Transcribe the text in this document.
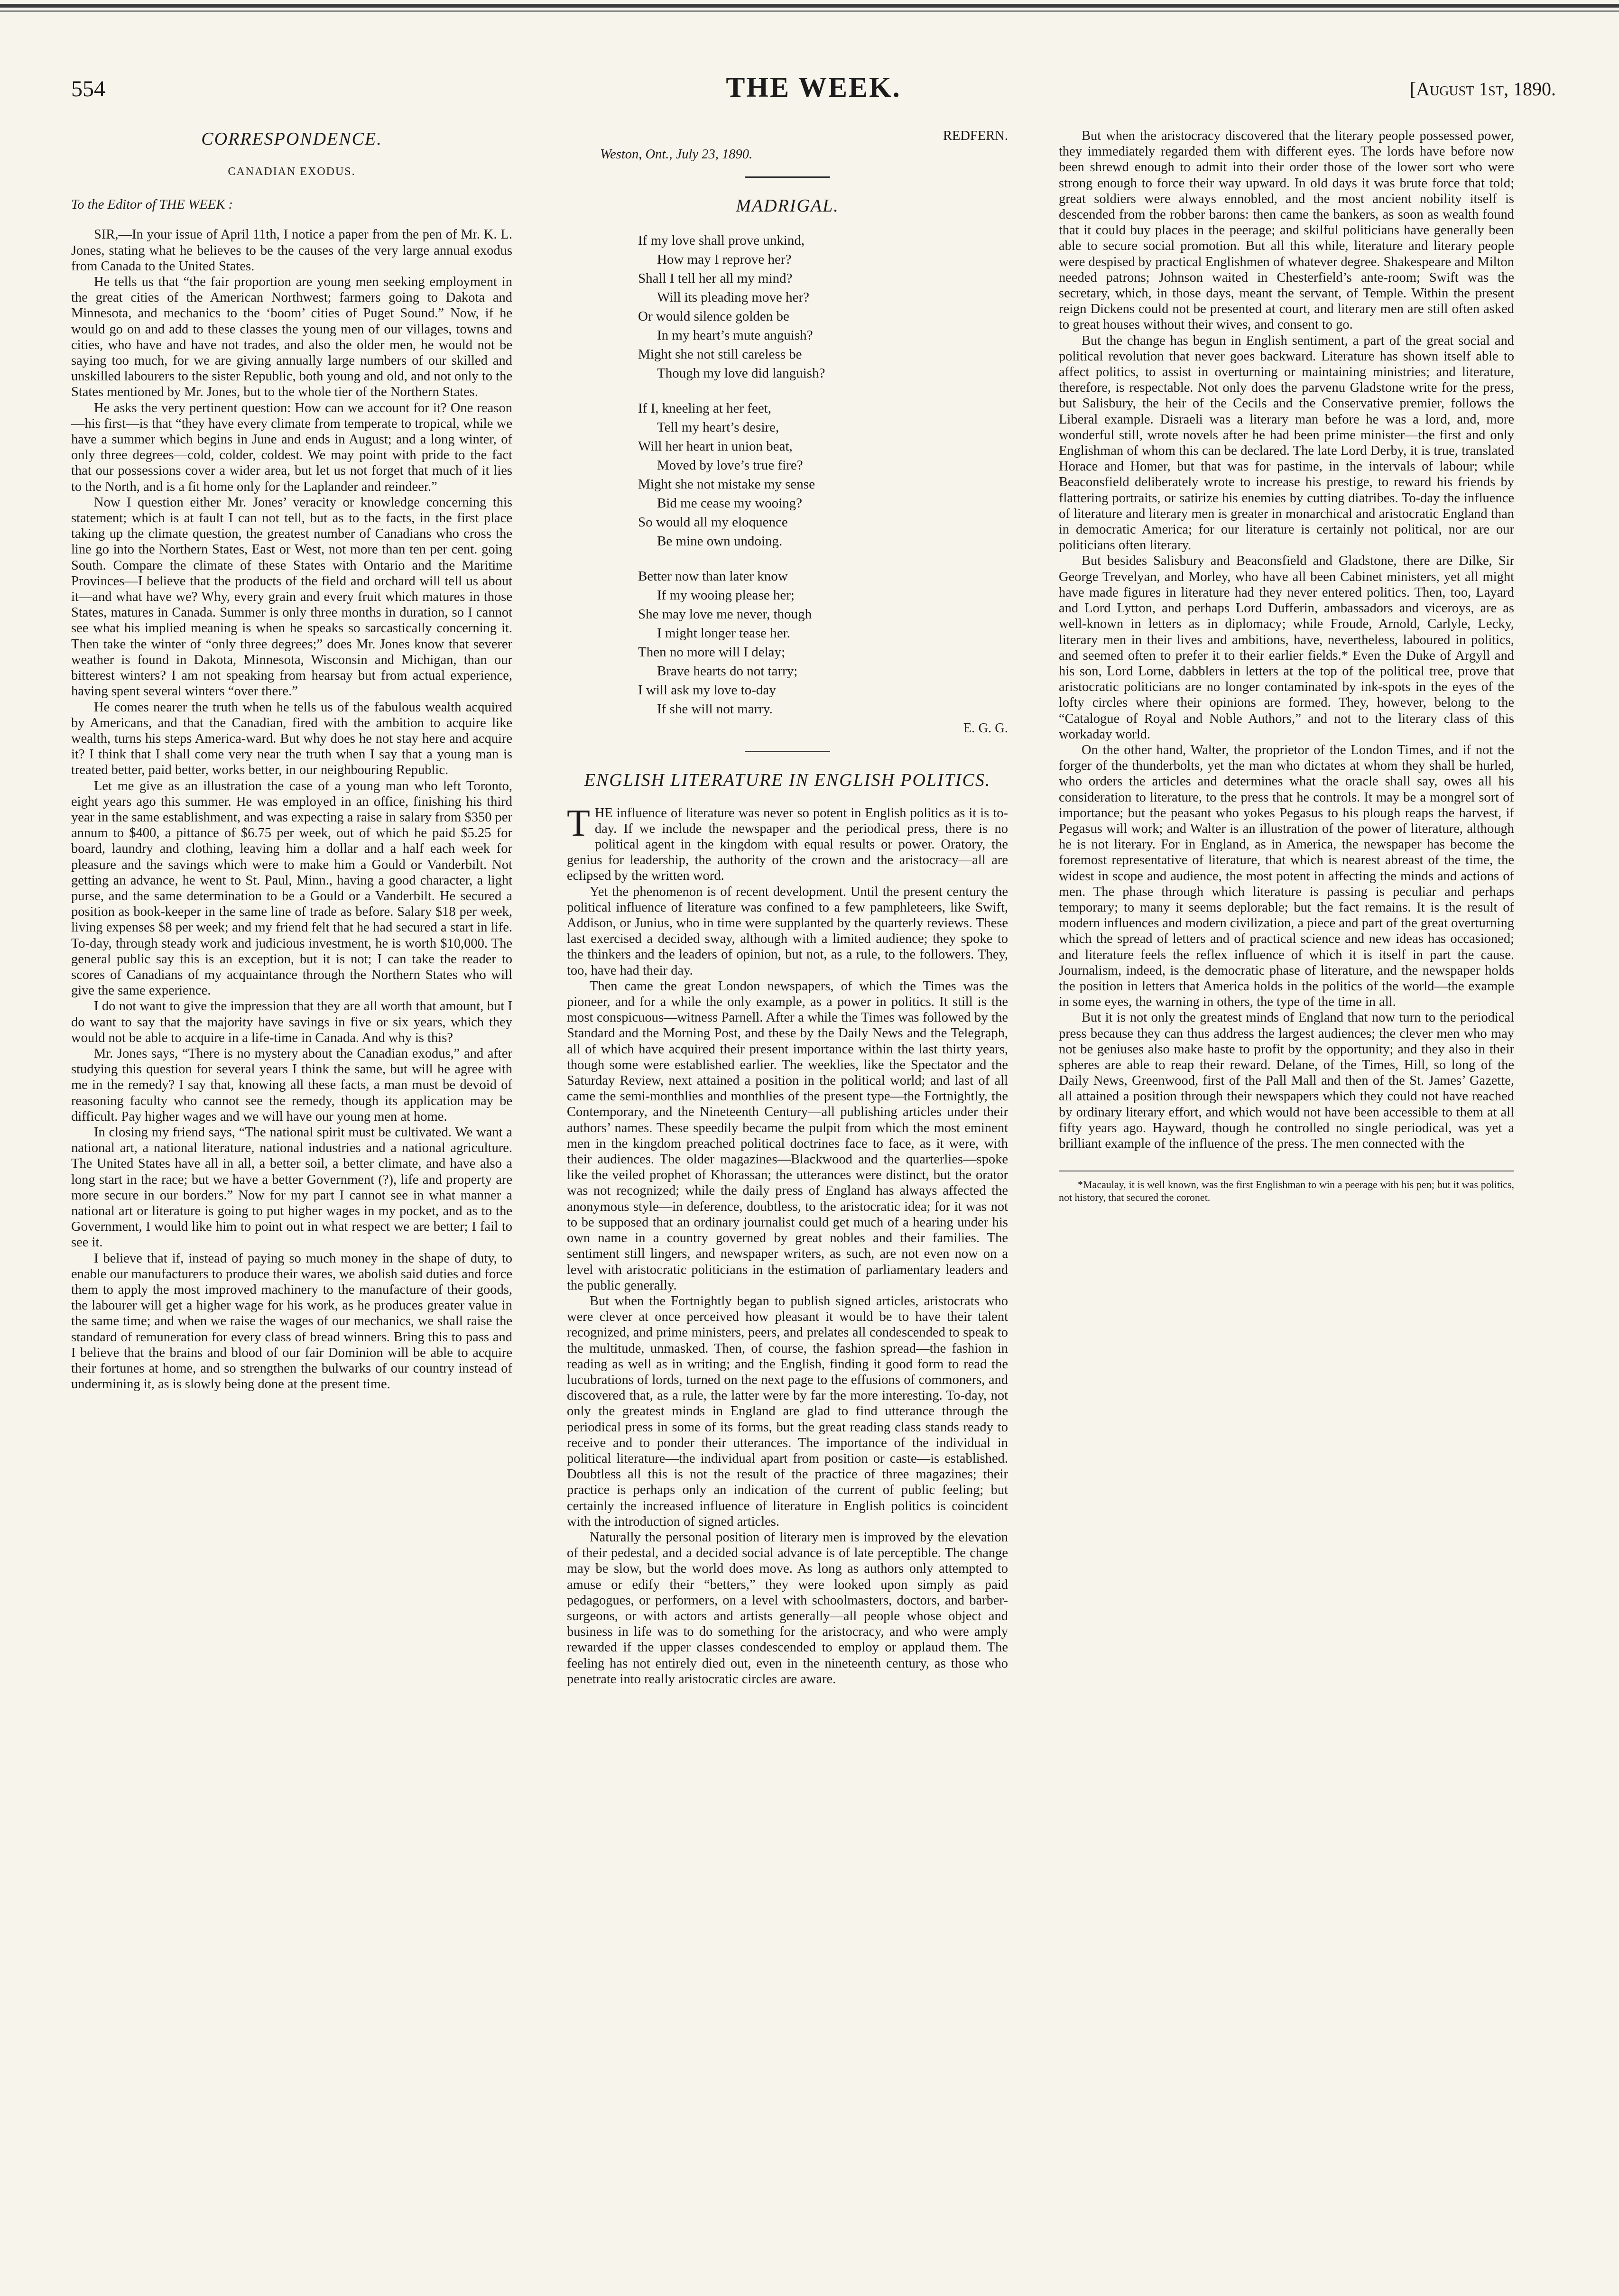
554	THE WEEK.	[August 1st, 1890.
CORRESPONDENCE.
CANADIAN EXODUS.

To the Editor of THE WEEK :

SIR,—In your issue of April 11th, I notice a paper from the pen of Mr. K. L. Jones, stating what he believes to be the causes of the very large annual exodus from Canada to the United States.

He tells us that “the fair proportion are young men seeking employment in the great cities of the American Northwest; farmers going to Dakota and Minnesota, and mechanics to the ‘boom’ cities of Puget Sound.” Now, if he would go on and add to these classes the young men of our villages, towns and cities, who have and have not trades, and also the older men, he would not be saying too much, for we are giving annually large numbers of our skilled and unskilled labourers to the sister Republic, both young and old, and not only to the States mentioned by Mr. Jones, but to the whole tier of the Northern States.

He asks the very pertinent question: How can we account for it? One reason—his first—is that “they have every climate from temperate to tropical, while we have a summer which begins in June and ends in August; and a long winter, of only three degrees—cold, colder, coldest. We may point with pride to the fact that our possessions cover a wider area, but let us not forget that much of it lies to the North, and is a fit home only for the Laplander and reindeer.”

Now I question either Mr. Jones’ veracity or knowledge concerning this statement; which is at fault I can not tell, but as to the facts, in the first place taking up the climate question, the greatest number of Canadians who cross the line go into the Northern States, East or West, not more than ten per cent. going South. Compare the climate of these States with Ontario and the Maritime Provinces—I believe that the products of the field and orchard will tell us about it—and what have we? Why, every grain and every fruit which matures in those States, matures in Canada. Summer is only three months in duration, so I cannot see what his implied meaning is when he speaks so sarcastically concerning it. Then take the winter of “only three degrees;” does Mr. Jones know that severer weather is found in Dakota, Minnesota, Wisconsin and Michigan, than our bitterest winters? I am not speaking from hearsay but from actual experience, having spent several winters “over there.”

He comes nearer the truth when he tells us of the fabulous wealth acquired by Americans, and that the Canadian, fired with the ambition to acquire like wealth, turns his steps America-ward. But why does he not stay here and acquire it? I think that I shall come very near the truth when I say that a young man is treated better, paid better, works better, in our neighbouring Republic.

Let me give as an illustration the case of a young man who left Toronto, eight years ago this summer. He was employed in an office, finishing his third year in the same establishment, and was expecting a raise in salary from $350 per annum to $400, a pittance of $6.75 per week, out of which he paid $5.25 for board, laundry and clothing, leaving him a dollar and a half each week for pleasure and the savings which were to make him a Gould or Vanderbilt. Not getting an advance, he went to St. Paul, Minn., having a good character, a light purse, and the same determination to be a Gould or a Vanderbilt. He secured a position as book-keeper in the same line of trade as before. Salary $18 per week, living expenses $8 per week; and my friend felt that he had secured a start in life. To-day, through steady work and judicious investment, he is worth $10,000. The general public say this is an exception, but it is not; I can take the reader to scores of Canadians of my acquaintance through the Northern States who will give the same experience.

I do not want to give the impression that they are all worth that amount, but I do want to say that the majority have savings in five or six years, which they would not be able to acquire in a life-time in Canada. And why is this?

Mr. Jones says, “There is no mystery about the Canadian exodus,” and after studying this question for several years I think the same, but will he agree with me in the remedy? I say that, knowing all these facts, a man must be devoid of reasoning faculty who cannot see the remedy, though its application may be difficult. Pay higher wages and we will have our young men at home.

In closing my friend says, “The national spirit must be cultivated. We want a national art, a national literature, national industries and a national agriculture. The United States have all in all, a better soil, a better climate, and have also a long start in the race; but we have a better Government (?), life and property are more secure in our borders.” Now for my part I cannot see in what manner a national art or literature is going to put higher wages in my pocket, and as to the Government, I would like him to point out in what respect we are better; I fail to see it.

I believe that if, instead of paying so much money in the shape of duty, to enable our manufacturers to produce their wares, we abolish said duties and force them to apply the most improved machinery to the manufacture of their goods, the labourer will get a higher wage for his work, as he produces greater value in the same time; and when we raise the wages of our mechanics, we shall raise the standard of remuneration for every class of bread winners. Bring this to pass and I believe that the brains and blood of our fair Dominion will be able to acquire their fortunes at home, and so strengthen the bulwarks of our country instead of undermining it, as is slowly being done at the present time.

REDFERN.

Weston, Ont., July 23, 1890.

MADRIGAL.
If my love shall prove unkind,
How may I reprove her?
Shall I tell her all my mind?
Will its pleading move her?
Or would silence golden be
In my heart’s mute anguish?
Might she not still careless be
Though my love did languish?
If I, kneeling at her feet,
Tell my heart’s desire,
Will her heart in union beat,
Moved by love’s true fire?
Might she not mistake my sense
Bid me cease my wooing?
So would all my eloquence
Be mine own undoing.
Better now than later know
If my wooing please her;
She may love me never, though
I might longer tease her.
Then no more will I delay;
Brave hearts do not tarry;
I will ask my love to-day
If she will not marry.
E. G. G.
ENGLISH LITERATURE IN ENGLISH POLITICS.

THE influence of literature was never so potent in English politics as it is to-day. If we include the newspaper and the periodical press, there is no political agent in the kingdom with equal results or power. Oratory, the genius for leadership, the authority of the crown and the aristocracy—all are eclipsed by the written word.

Yet the phenomenon is of recent development. Until the present century the political influence of literature was confined to a few pamphleteers, like Swift, Addison, or Junius, who in time were supplanted by the quarterly reviews. These last exercised a decided sway, although with a limited audience; they spoke to the thinkers and the leaders of opinion, but not, as a rule, to the followers. They, too, have had their day.

Then came the great London newspapers, of which the Times was the pioneer, and for a while the only example, as a power in politics. It still is the most conspicuous—witness Parnell. After a while the Times was followed by the Standard and the Morning Post, and these by the Daily News and the Telegraph, all of which have acquired their present importance within the last thirty years, though some were established earlier. The weeklies, like the Spectator and the Saturday Review, next attained a position in the political world; and last of all came the semi-monthlies and monthlies of the present type—the Fortnightly, the Contemporary, and the Nineteenth Century—all publishing articles under their authors’ names. These speedily became the pulpit from which the most eminent men in the kingdom preached political doctrines face to face, as it were, with their audiences. The older magazines—Blackwood and the quarterlies—spoke like the veiled prophet of Khorassan; the utterances were distinct, but the orator was not recognized; while the daily press of England has always affected the anonymous style—in deference, doubtless, to the aristocratic idea; for it was not to be supposed that an ordinary journalist could get much of a hearing under his own name in a country governed by great nobles and their families. The sentiment still lingers, and newspaper writers, as such, are not even now on a level with aristocratic politicians in the estimation of parliamentary leaders and the public generally.

But when the Fortnightly began to publish signed articles, aristocrats who were clever at once perceived how pleasant it would be to have their talent recognized, and prime ministers, peers, and prelates all condescended to speak to the multitude, unmasked. Then, of course, the fashion spread—the fashion in reading as well as in writing; and the English, finding it good form to read the lucubrations of lords, turned on the next page to the effusions of commoners, and discovered that, as a rule, the latter were by far the more interesting. To-day, not only the greatest minds in England are glad to find utterance through the periodical press in some of its forms, but the great reading class stands ready to receive and to ponder their utterances. The importance of the individual in political literature—the individual apart from position or caste—is established. Doubtless all this is not the result of the practice of three magazines; their practice is perhaps only an indication of the current of public feeling; but certainly the increased influence of literature in English politics is coincident with the introduction of signed articles.

Naturally the personal position of literary men is improved by the elevation of their pedestal, and a decided social advance is of late perceptible. The change may be slow, but the world does move. As long as authors only attempted to amuse or edify their “betters,” they were looked upon simply as paid pedagogues, or performers, on a level with schoolmasters, doctors, and barber-surgeons, or with actors and artists generally—all people whose object and business in life was to do something for the aristocracy, and who were amply rewarded if the upper classes condescended to employ or applaud them. The feeling has not entirely died out, even in the nineteenth century, as those who penetrate into really aristocratic circles are aware.

But when the aristocracy discovered that the literary people possessed power, they immediately regarded them with different eyes. The lords have before now been shrewd enough to admit into their order those of the lower sort who were strong enough to force their way upward. In old days it was brute force that told; great soldiers were always ennobled, and the most ancient nobility itself is descended from the robber barons: then came the bankers, as soon as wealth found that it could buy places in the peerage; and skilful politicians have generally been able to secure social promotion. But all this while, literature and literary people were despised by practical Englishmen of whatever degree. Shakespeare and Milton needed patrons; Johnson waited in Chesterfield’s ante-room; Swift was the secretary, which, in those days, meant the servant, of Temple. Within the present reign Dickens could not be presented at court, and literary men are still often asked to great houses without their wives, and consent to go.

But the change has begun in English sentiment, a part of the great social and political revolution that never goes backward. Literature has shown itself able to affect politics, to assist in overturning or maintaining ministries; and literature, therefore, is respectable. Not only does the parvenu Gladstone write for the press, but Salisbury, the heir of the Cecils and the Conservative premier, follows the Liberal example. Disraeli was a literary man before he was a lord, and, more wonderful still, wrote novels after he had been prime minister—the first and only Englishman of whom this can be declared. The late Lord Derby, it is true, translated Horace and Homer, but that was for pastime, in the intervals of labour; while Beaconsfield deliberately wrote to increase his prestige, to reward his friends by flattering portraits, or satirize his enemies by cutting diatribes. To-day the influence of literature and literary men is greater in monarchical and aristocratic England than in democratic America; for our literature is certainly not political, nor are our politicians often literary.

But besides Salisbury and Beaconsfield and Gladstone, there are Dilke, Sir George Trevelyan, and Morley, who have all been Cabinet ministers, yet all might have made figures in literature had they never entered politics. Then, too, Layard and Lord Lytton, and perhaps Lord Dufferin, ambassadors and viceroys, are as well-known in letters as in diplomacy; while Froude, Arnold, Carlyle, Lecky, literary men in their lives and ambitions, have, nevertheless, laboured in politics, and seemed often to prefer it to their earlier fields.* Even the Duke of Argyll and his son, Lord Lorne, dabblers in letters at the top of the political tree, prove that aristocratic politicians are no longer contaminated by ink-spots in the eyes of the lofty circles where their opinions are formed. They, however, belong to the “Catalogue of Royal and Noble Authors,” and not to the literary class of this workaday world.

On the other hand, Walter, the proprietor of the London Times, and if not the forger of the thunderbolts, yet the man who dictates at whom they shall be hurled, who orders the articles and determines what the oracle shall say, owes all his consideration to literature, to the press that he controls. It may be a mongrel sort of importance; but the peasant who yokes Pegasus to his plough reaps the harvest, if Pegasus will work; and Walter is an illustration of the power of literature, although he is not literary. For in England, as in America, the newspaper has become the foremost representative of literature, that which is nearest abreast of the time, the widest in scope and audience, the most potent in affecting the minds and actions of men. The phase through which literature is passing is peculiar and perhaps temporary; to many it seems deplorable; but the fact remains. It is the result of modern influences and modern civilization, a piece and part of the great overturning which the spread of letters and of practical science and new ideas has occasioned; and literature feels the reflex influence of which it is itself in part the cause. Journalism, indeed, is the democratic phase of literature, and the newspaper holds the position in letters that America holds in the politics of the world—the example in some eyes, the warning in others, the type of the time in all.

But it is not only the greatest minds of England that now turn to the periodical press because they can thus address the largest audiences; the clever men who may not be geniuses also make haste to profit by the opportunity; and they also in their spheres are able to reap their reward. Delane, of the Times, Hill, so long of the Daily News, Greenwood, first of the Pall Mall and then of the St. James’ Gazette, all attained a position through their newspapers which they could not have reached by ordinary literary effort, and which would not have been accessible to them at all fifty years ago. Hayward, though he controlled no single periodical, was yet a brilliant example of the influence of the press. The men connected with the

*Macaulay, it is well known, was the first Englishman to win a peerage with his pen; but it was politics, not history, that secured the coronet.
